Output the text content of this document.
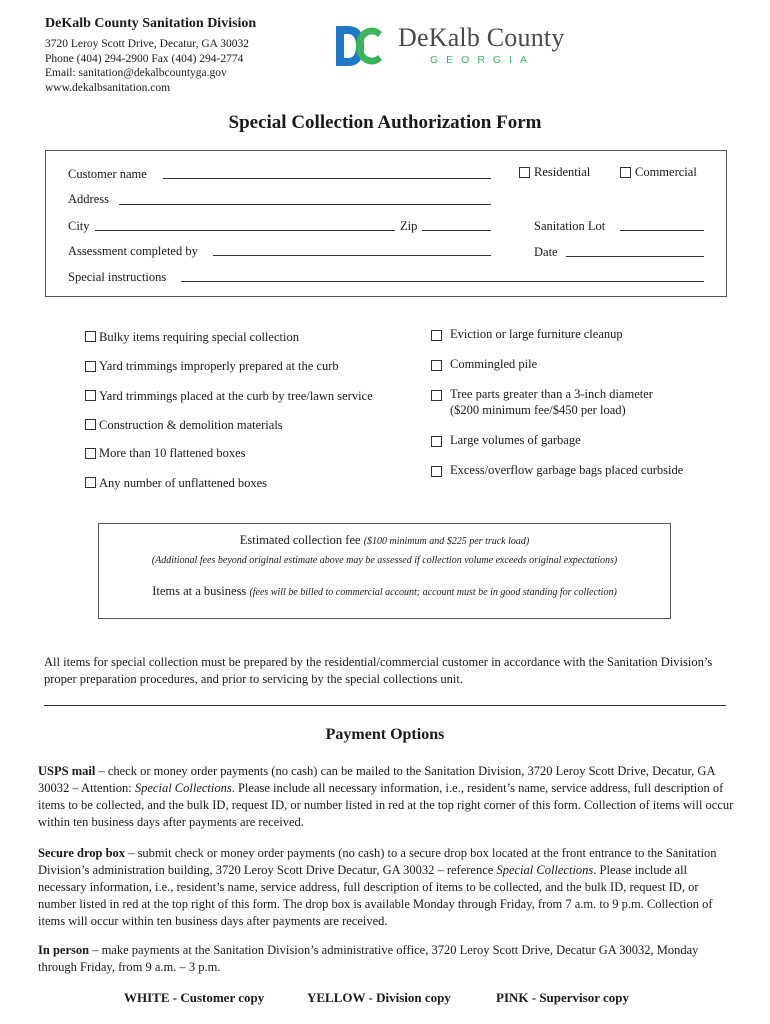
DeKalb County Sanitation Division
3720 Leroy Scott Drive, Decatur, GA 30032
Phone (404) 294-2900 Fax (404) 294-2774
Email: sanitation@dekalbcountyga.gov
www.dekalbsanitation.com
DeKalb County
GEORGIA
Special Collection Authorization Form
Customer name	Residential	Commercial
Address
City	Zip	Sanitation Lot
Assessment completed by	Date
Special instructions
Bulky items requiring special collection
Yard trimmings improperly prepared at the curb
Yard trimmings placed at the curb by tree/lawn service
Construction & demolition materials
More than 10 flattened boxes
Any number of unflattened boxes
Eviction or large furniture cleanup
Commingled pile
Tree parts greater than a 3-inch diameter
($200 minimum fee/$450 per load)
Large volumes of garbage
Excess/overflow garbage bags placed curbside
Estimated collection fee ($100 minimum and $225 per truck load)
(Additional fees beyond original estimate above may be assessed if collection volume exceeds original expectations)
Items at a business (fees will be billed to commercial account; account must be in good standing for collection)
All items for special collection must be prepared by the residential/commercial customer in accordance with the Sanitation Division’s proper preparation procedures, and prior to servicing by the special collections unit.
Payment Options
USPS mail – check or money order payments (no cash) can be mailed to the Sanitation Division, 3720 Leroy Scott Drive, Decatur, GA 30032 – Attention: Special Collections. Please include all necessary information, i.e., resident’s name, service address, full description of items to be collected, and the bulk ID, request ID, or number listed in red at the top right corner of this form. Collection of items will occur within ten business days after payments are received.
Secure drop box – submit check or money order payments (no cash) to a secure drop box located at the front entrance to the Sanitation Division’s administration building, 3720 Leroy Scott Drive Decatur, GA 30032 – reference Special Collections. Please include all necessary information, i.e., resident’s name, service address, full description of items to be collected, and the bulk ID, request ID, or number listed in red at the top right of this form. The drop box is available Monday through Friday, from 7 a.m. to 9 p.m. Collection of items will occur within ten business days after payments are received.
In person – make payments at the Sanitation Division’s administrative office, 3720 Leroy Scott Drive, Decatur GA 30032, Monday through Friday, from 9 a.m. – 3 p.m.
WHITE - Customer copy	YELLOW - Division copy	PINK - Supervisor copy
